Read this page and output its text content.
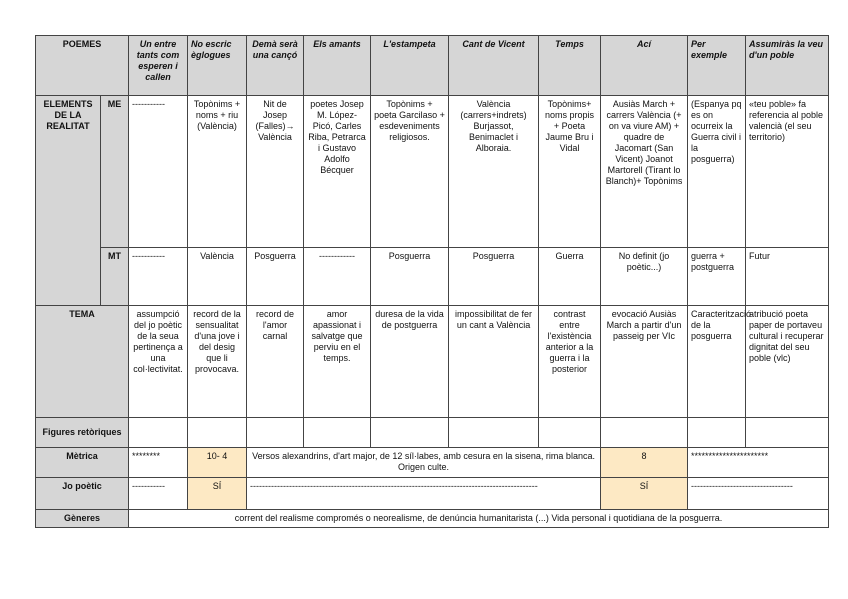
POEMES		Un entre tants com esperen i callen	No escric èglogues	Demà serà una cançó	Els amants	L'estampeta	Cant de Vicent	Temps	Ací	Per exemple	Assumiràs la veu d'un poble
ELEMENTS DE LA REALITAT	ME	-----------	Topònims + noms + riu (València)	Nit de Josep (Falles)→ València	poetes Josep M. López-Picó, Carles Riba, Petrarca i Gustavo Adolfo Bécquer	Topònims + poeta Garcilaso + esdeveniments religiosos.	València (carrers+indrets) Burjassot, Benimaclet i Alboraia.	Topònims+ noms propis + Poeta Jaume Bru i Vidal	Ausiàs March + carrers València (+ on va viure AM) + quadre de Jacomart (San Vicent) Joanot Martorell (Tirant lo Blanch)+ Topònims	(Espanya pq es on ocurreix la Guerra civil i la posguerra)	«teu poble» fa referencia al poble valencià (el seu territorio)
	MT	-----------	València	Posguerra	------------	Posguerra	Posguerra	Guerra	No definit (jo poètic...)	guerra + postguerra	Futur
TEMA		assumpció del jo poètic de la seua pertinença a una col·lectivitat.	record de la sensualitat d'una jove i del desig que li provocava.	record de l'amor carnal	amor apassionat i salvatge que perviu en el temps.	duresa de la vida de postguerra	impossibilitat de fer un cant a València	contrast entre l'existència anterior a la guerra i la posterior	evocació Ausiàs March a partir d'un passeig per VIc	Caracterització de la posguerra	atribució poeta paper de portaveu cultural i recuperar dignitat del seu poble (vlc)
Figures retòriques											
Mètrica		********	10- 4	Versos alexandrins, d'art major, de 12 síl·labes, amb cesura en la sisena, rima blanca. Origen culte.					8	**********************	
Jo poètic		-----------	SÍ	------------------------------------------------------------------------------------------------					SÍ	----------------------------------	
Gèneres		corrent del realisme compromés o neorealisme, de denúncia humanitarista (...) Vida personal i quotidiana de la posguerra.									
